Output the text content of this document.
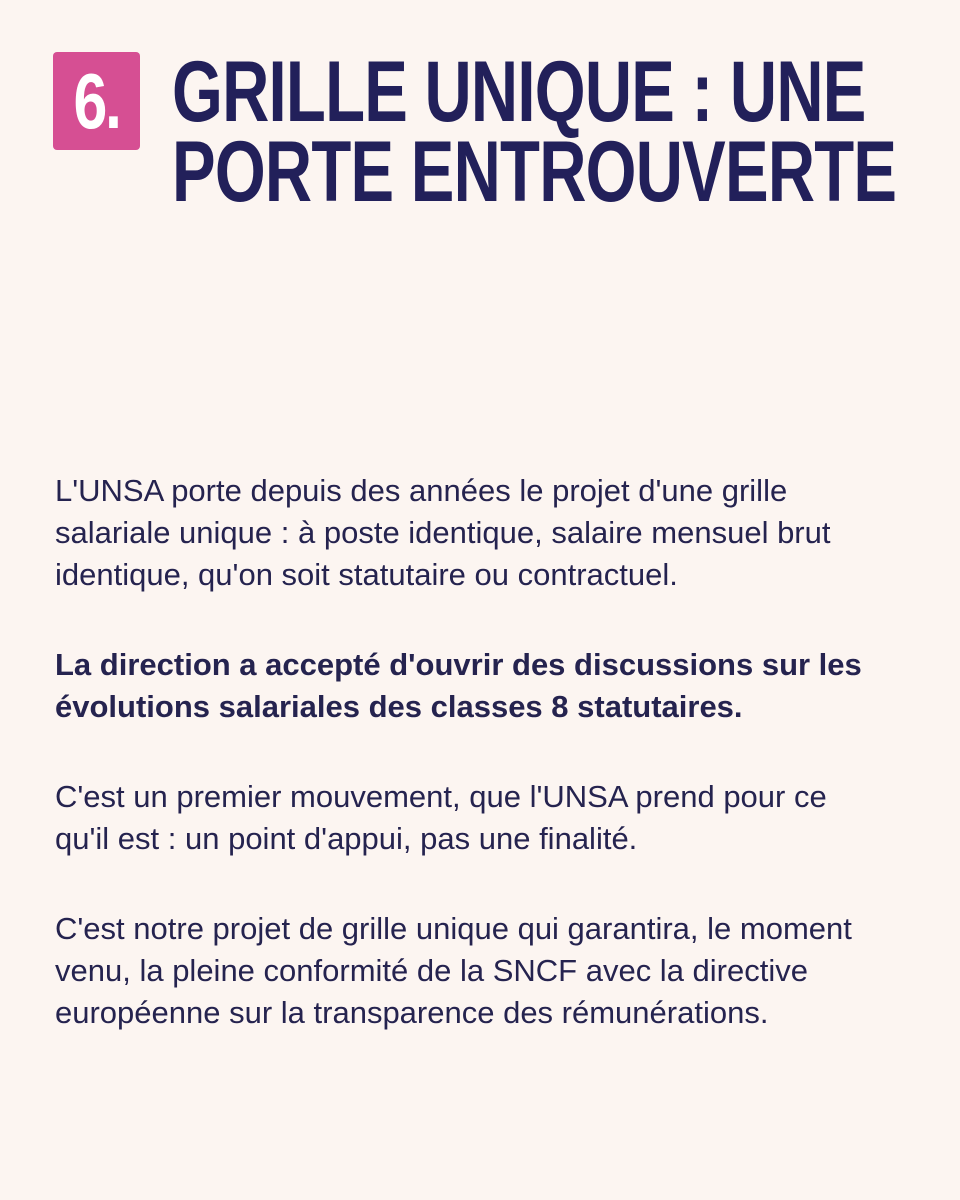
6. GRILLE UNIQUE : UNE
PORTE ENTROUVERTE

L'UNSA porte depuis des années le projet d'une grille salariale unique : à poste identique, salaire mensuel brut identique, qu'on soit statutaire ou contractuel.

La direction a accepté d'ouvrir des discussions sur les évolutions salariales des classes 8 statutaires.

C'est un premier mouvement, que l'UNSA prend pour ce qu'il est : un point d'appui, pas une finalité.

C'est notre projet de grille unique qui garantira, le moment venu, la pleine conformité de la SNCF avec la directive européenne sur la transparence des rémunérations.
